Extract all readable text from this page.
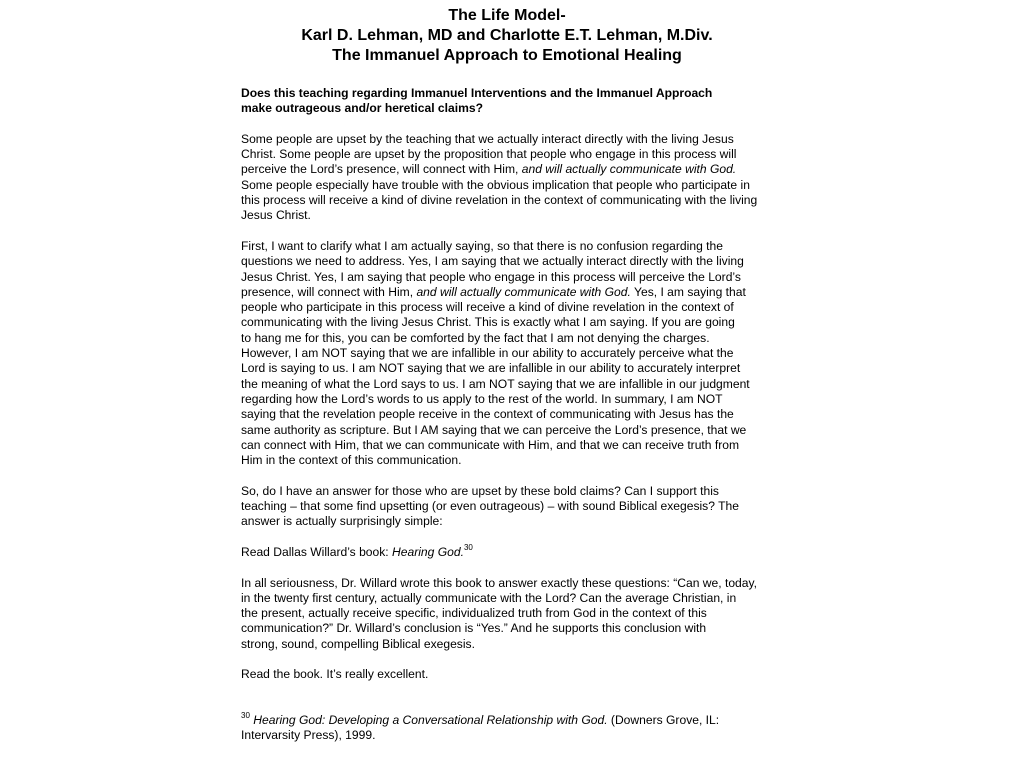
The Life Model-
Karl D. Lehman, MD and Charlotte E.T. Lehman, M.Div.
The Immanuel Approach to Emotional Healing
Does this teaching regarding Immanuel Interventions and the Immanuel Approach
make outrageous and/or heretical claims?
Some people are upset by the teaching that we actually interact directly with the living Jesus
Christ. Some people are upset by the proposition that people who engage in this process will
perceive the Lord’s presence, will connect with Him, and will actually communicate with God.
Some people especially have trouble with the obvious implication that people who participate in
this process will receive a kind of divine revelation in the context of communicating with the living
Jesus Christ.
First, I want to clarify what I am actually saying, so that there is no confusion regarding the
questions we need to address. Yes, I am saying that we actually interact directly with the living
Jesus Christ. Yes, I am saying that people who engage in this process will perceive the Lord’s
presence, will connect with Him, and will actually communicate with God. Yes, I am saying that
people who participate in this process will receive a kind of divine revelation in the context of
communicating with the living Jesus Christ. This is exactly what I am saying. If you are going
to hang me for this, you can be comforted by the fact that I am not denying the charges.
However, I am NOT saying that we are infallible in our ability to accurately perceive what the
Lord is saying to us. I am NOT saying that we are infallible in our ability to accurately interpret
the meaning of what the Lord says to us. I am NOT saying that we are infallible in our judgment
regarding how the Lord’s words to us apply to the rest of the world. In summary, I am NOT
saying that the revelation people receive in the context of communicating with Jesus has the
same authority as scripture. But I AM saying that we can perceive the Lord’s presence, that we
can connect with Him, that we can communicate with Him, and that we can receive truth from
Him in the context of this communication.
So, do I have an answer for those who are upset by these bold claims? Can I support this
teaching – that some find upsetting (or even outrageous) – with sound Biblical exegesis? The
answer is actually surprisingly simple:
Read Dallas Willard’s book: Hearing God.$^{30}$
In all seriousness, Dr. Willard wrote this book to answer exactly these questions: “Can we, today,
in the twenty first century, actually communicate with the Lord? Can the average Christian, in
the present, actually receive specific, individualized truth from God in the context of this
communication?” Dr. Willard’s conclusion is “Yes.” And he supports this conclusion with
strong, sound, compelling Biblical exegesis.
Read the book. It’s really excellent.
$^{30}$ Hearing God: Developing a Conversational Relationship with God. (Downers Grove, IL:
Intervarsity Press), 1999.
